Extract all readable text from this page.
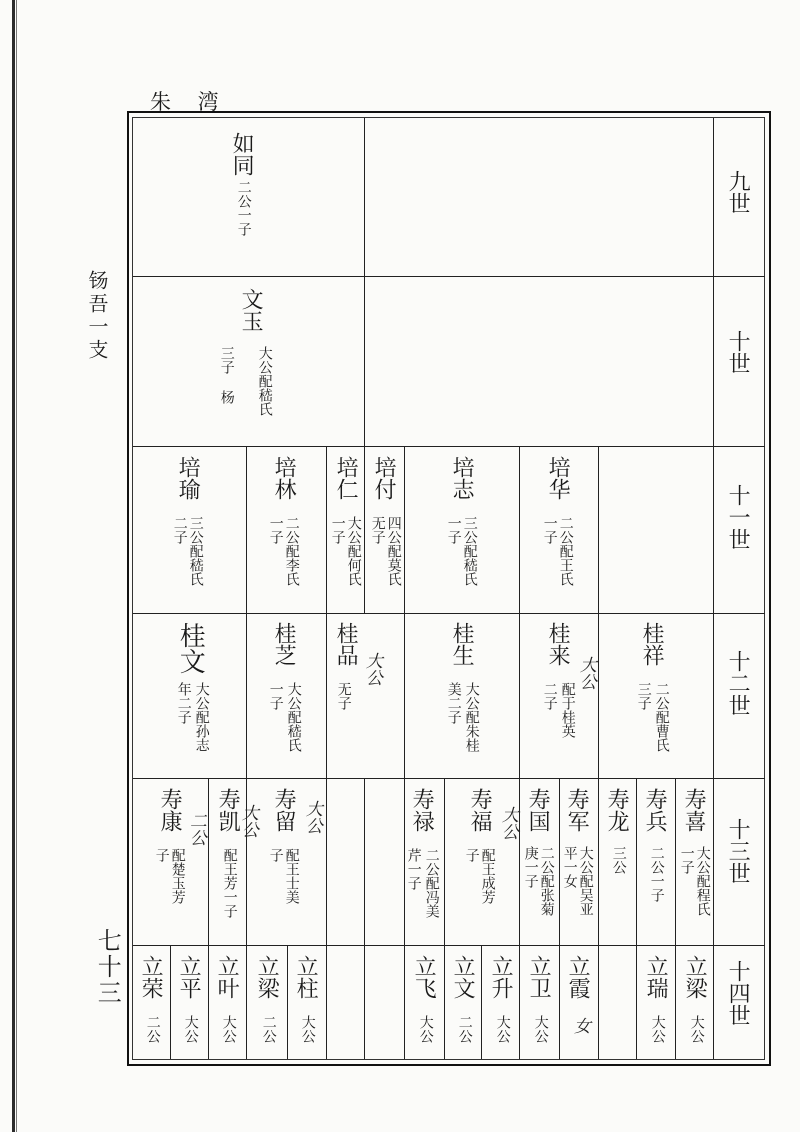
朱 湾
钖吾一支
七十三
九世
十世
十一世
十二世
十三世
十四世
如同
二公一子
文玉
大公配嵇氏
三子 杨
培瑜
三公配嵇氏
二子
培林
二公配李氏
一子
培仁
大公配何氏
一子
培付
四公配莫氏
无子
培志
三公配嵇氏
一子
培华
二公配王氏
一子
桂文
大公配孙志
年二子
桂芝
大公配嵇氏
一子
桂品
无子
大公
桂生
大公配朱桂
美二子
桂来
配于桂英
二子
大公
桂祥
二公配曹氏
三子
寿康
配楚玉芳
子
二公 寿凯
配王芳一子
大公 寿留
配王士美
子
大公	寿禄
二公配冯美
芹一子
寿福
配王成芳
子
大公 寿国
二公配张菊
庚一子
寿军
大公配吴亚
平一女
寿龙
三公
寿兵
二公一子
寿喜
大公配程氏
一子
立荣
二公
立平
大公
立叶
大公
立梁
二公
立柱
大公
立飞
大公
立文
二公
立升
大公
立卫
大公
立霞
女
立瑞
大公
立梁
大公
